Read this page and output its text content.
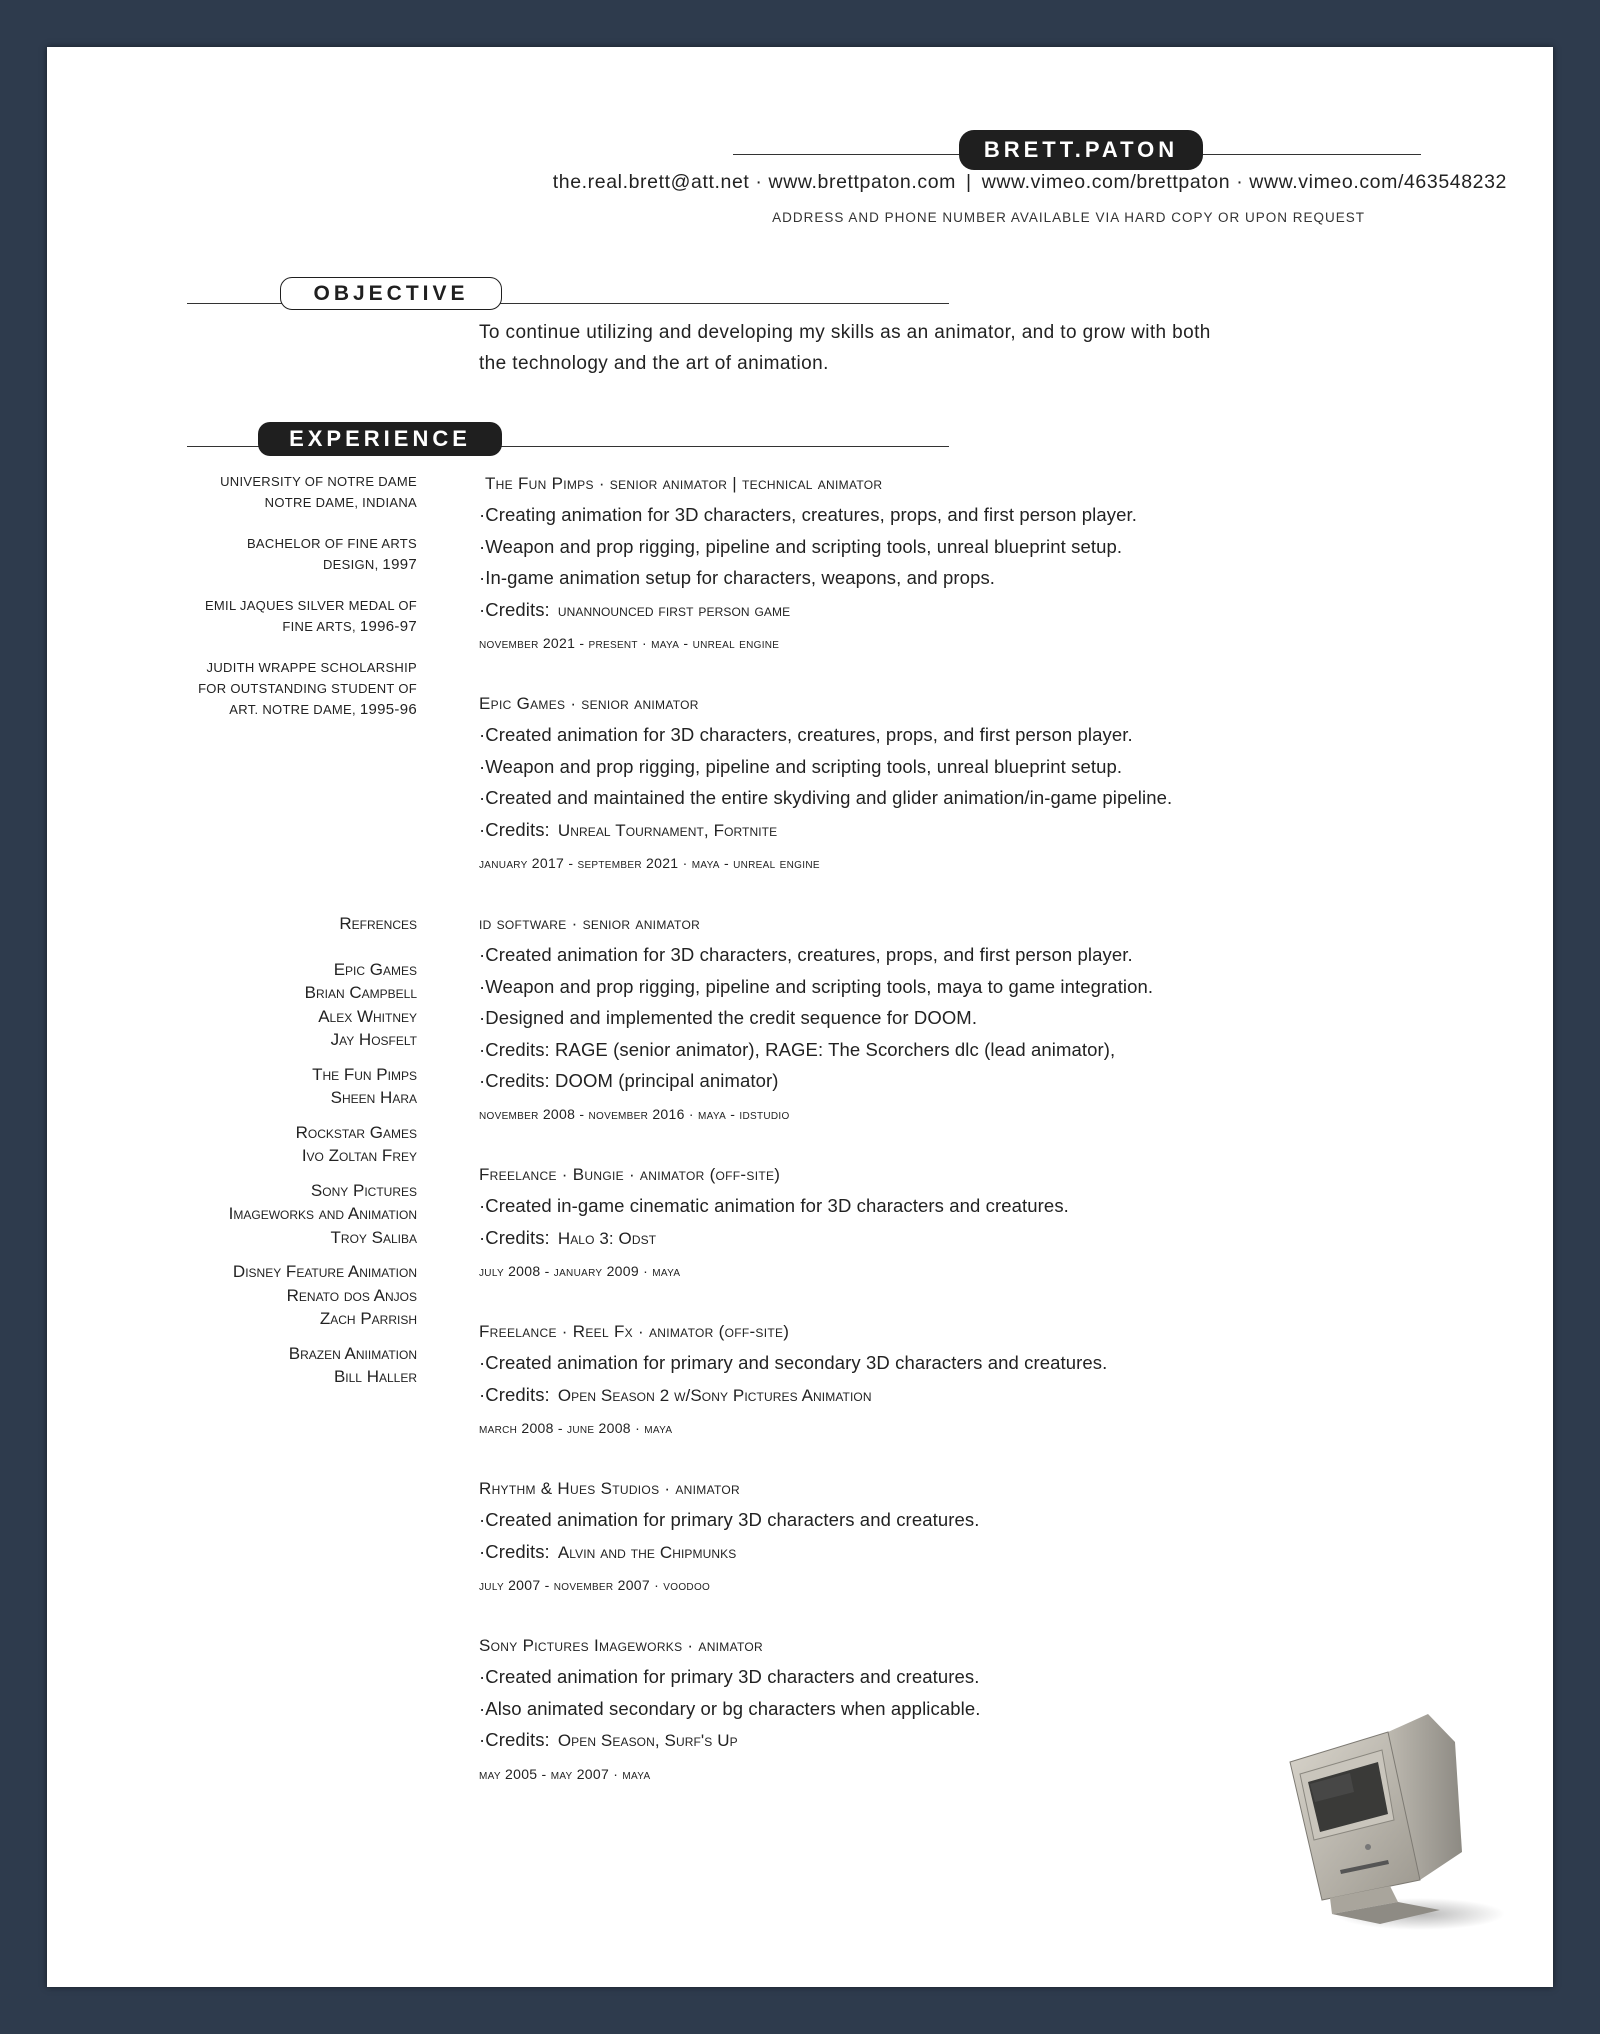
BRETT.PATON
the.real.brett@att.net · www.brettpaton.com | www.vimeo.com/brettpaton · www.vimeo.com/463548232
ADDRESS AND PHONE NUMBER AVAILABLE VIA HARD COPY OR UPON REQUEST
OBJECTIVE
To continue utilizing and developing my skills as an animator, and to grow with both
the technology and the art of animation.
EXPERIENCE
UNIVERSITY OF NOTRE DAME
NOTRE DAME, INDIANA
BACHELOR OF FINE ARTS
DESIGN, 1997
EMIL JAQUES SILVER MEDAL OF
FINE ARTS, 1996-97
JUDITH WRAPPE SCHOLARSHIP
FOR OUTSTANDING STUDENT OF
ART. NOTRE DAME, 1995-96
Refrences
Epic Games
Brian Campbell
Alex Whitney
Jay Hosfelt
The Fun Pimps
Sheen Hara
Rockstar Games
Ivo Zoltan Frey
Sony Pictures
Imageworks and Animation
Troy Saliba
Disney Feature Animation
Renato dos Anjos
Zach Parrish
Brazen Aniimation
Bill Haller
The Fun Pimps · senior animator | technical animator
·Creating animation for 3D characters, creatures, props, and first person player.
·Weapon and prop rigging, pipeline and scripting tools, unreal blueprint setup.
·In-game animation setup for characters, weapons, and props.
·Credits: unannounced first person game
november 2021 - present · maya - unreal engine
Epic Games · senior animator
·Created animation for 3D characters, creatures, props, and first person player.
·Weapon and prop rigging, pipeline and scripting tools, unreal blueprint setup.
·Created and maintained the entire skydiving and glider animation/in-game pipeline.
·Credits: Unreal Tournament, Fortnite
january 2017 - september 2021 · maya - unreal engine
id software · senior animator
·Created animation for 3D characters, creatures, props, and first person player.
·Weapon and prop rigging, pipeline and scripting tools, maya to game integration.
·Designed and implemented the credit sequence for DOOM.
·Credits: RAGE (senior animator), RAGE: The Scorchers dlc (lead animator),
·Credits: DOOM (principal animator)
november 2008 - november 2016 · maya - idstudio
Freelance · Bungie · animator (off-site)
·Created in-game cinematic animation for 3D characters and creatures.
·Credits: Halo 3: Odst
july 2008 - january 2009 · maya
Freelance · Reel Fx · animator (off-site)
·Created animation for primary and secondary 3D characters and creatures.
·Credits: Open Season 2 w/Sony Pictures Animation
march 2008 - june 2008 · maya
Rhythm & Hues Studios · animator
·Created animation for primary 3D characters and creatures.
·Credits: Alvin and the Chipmunks
july 2007 - november 2007 · voodoo
Sony Pictures Imageworks · animator
·Created animation for primary 3D characters and creatures.
·Also animated secondary or bg characters when applicable.
·Credits: Open Season, Surf's Up
may 2005 - may 2007 · maya
